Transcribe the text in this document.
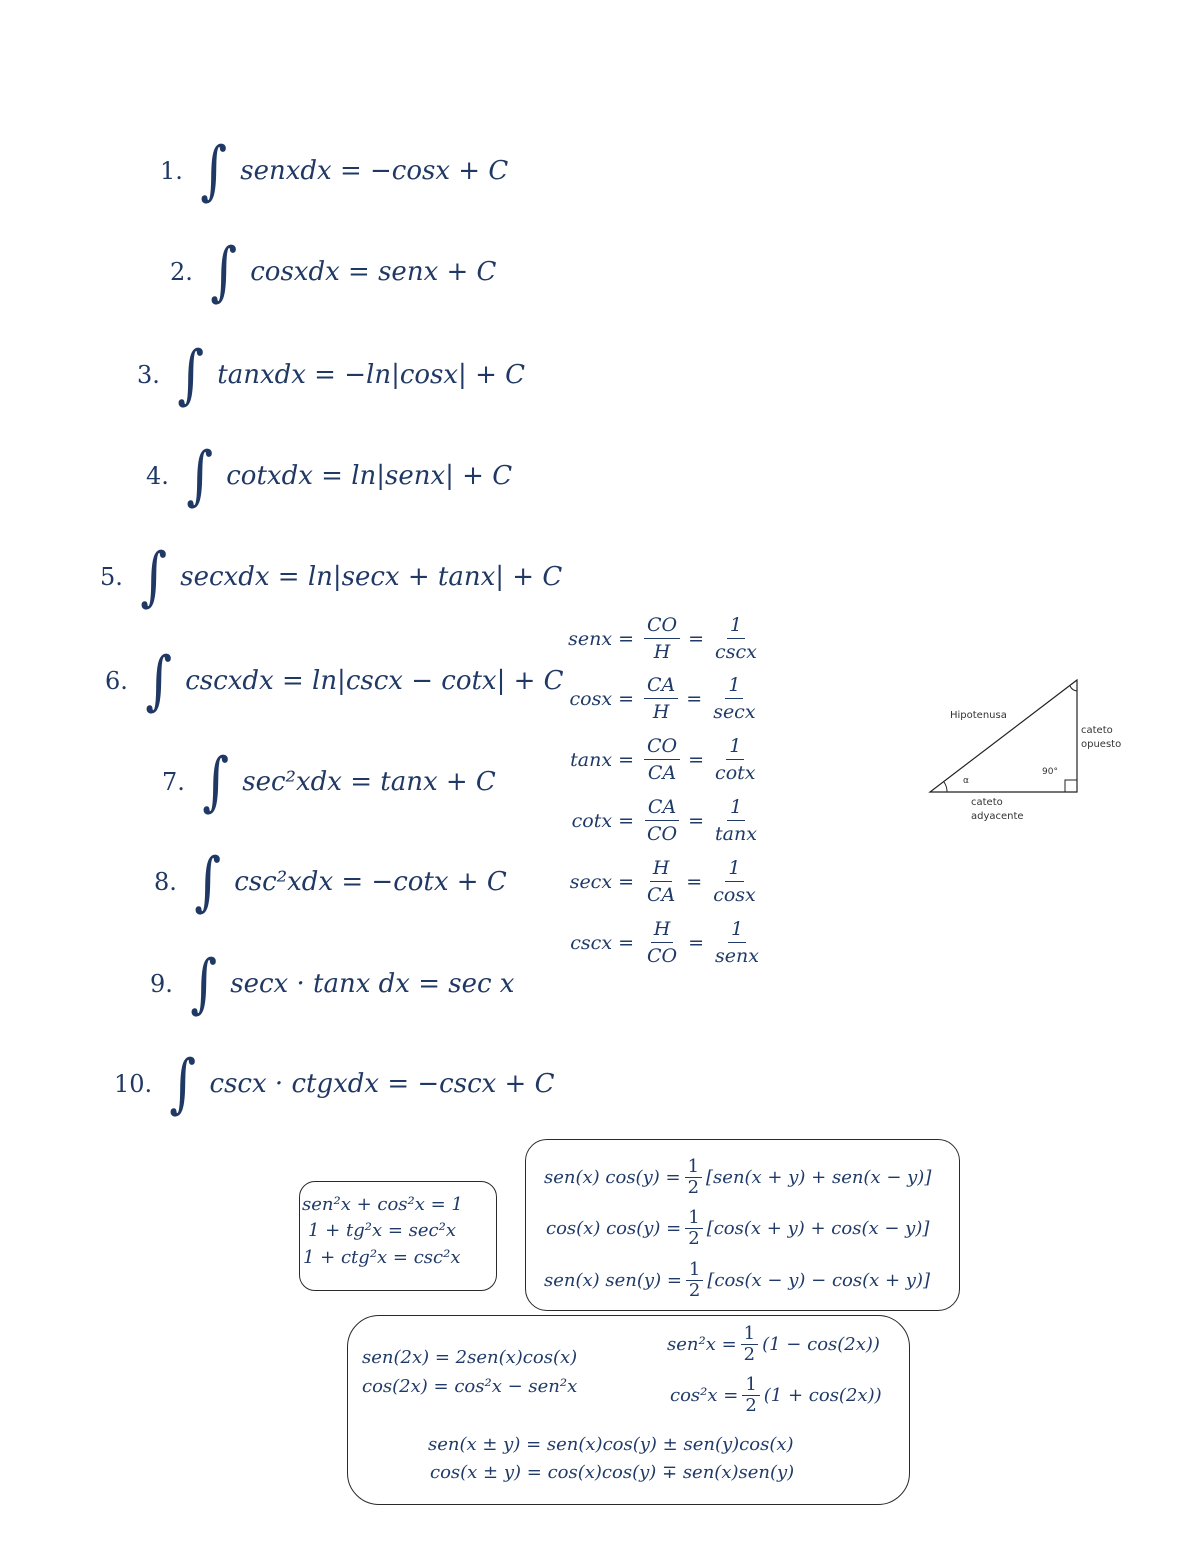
1. ∫ senxdx = −cosx + C
2. ∫ cosxdx = senx + C
3. ∫ tanxdx = −ln|cosx| + C
4. ∫ cotxdx = ln|senx| + C
5. ∫ secxdx = ln|secx + tanx| + C
6. ∫ cscxdx = ln|cscx − cotx| + C
7. ∫ sec²xdx = tanx + C
8. ∫ csc²xdx = −cotx + C
9. ∫ secx · tanx dx = sec x
10. ∫ cscx · ctgxdx = −cscx + C
senx = $\frac{CO}{H} = \frac{1}{\csc x}$
$\cos x = \frac{CA}{H} = \frac{1}{\sec x}$
$\tan x = \frac{CO}{CA} = \frac{1}{\cot x}$
$\cot x = \frac{CA}{CO} = \frac{1}{\tan x}$
$\sec x = \frac{H}{CA} = \frac{1}{\cos x}$
$\csc x = \frac{H}{CO} = \frac{1}{\text{senx}}$
Hipotenusa
cateto
opuesto
cateto
adyacente
α
90°
sen²x + cos²x = 1
1 + tg²x = sec²x
1 + ctg²x = csc²x
sen(x) $\cos(y) = \frac{1}{2} [sen(x + y) + sen(x - y)]$
cos(x) $\cos(y) = \frac{1}{2} [\cos(x + y) + \cos(x - y)]$
sen(x) $sen(y) = \frac{1}{2} [\cos(x - y) - \cos(x + y)]$
sen(2x) = 2sen(x)cos(x)
cos(2x) = cos²x − sen²x
$sen^2x = \frac{1}{2} (1 - \cos(2x))$
$\cos^2x = \frac{1}{2} (1 + \cos(2x))$
sen(x ± y) = sen(x)cos(y) ± sen(y)cos(x)
cos(x ± y) = cos(x)cos(y) ∓ sen(x)sen(y)
